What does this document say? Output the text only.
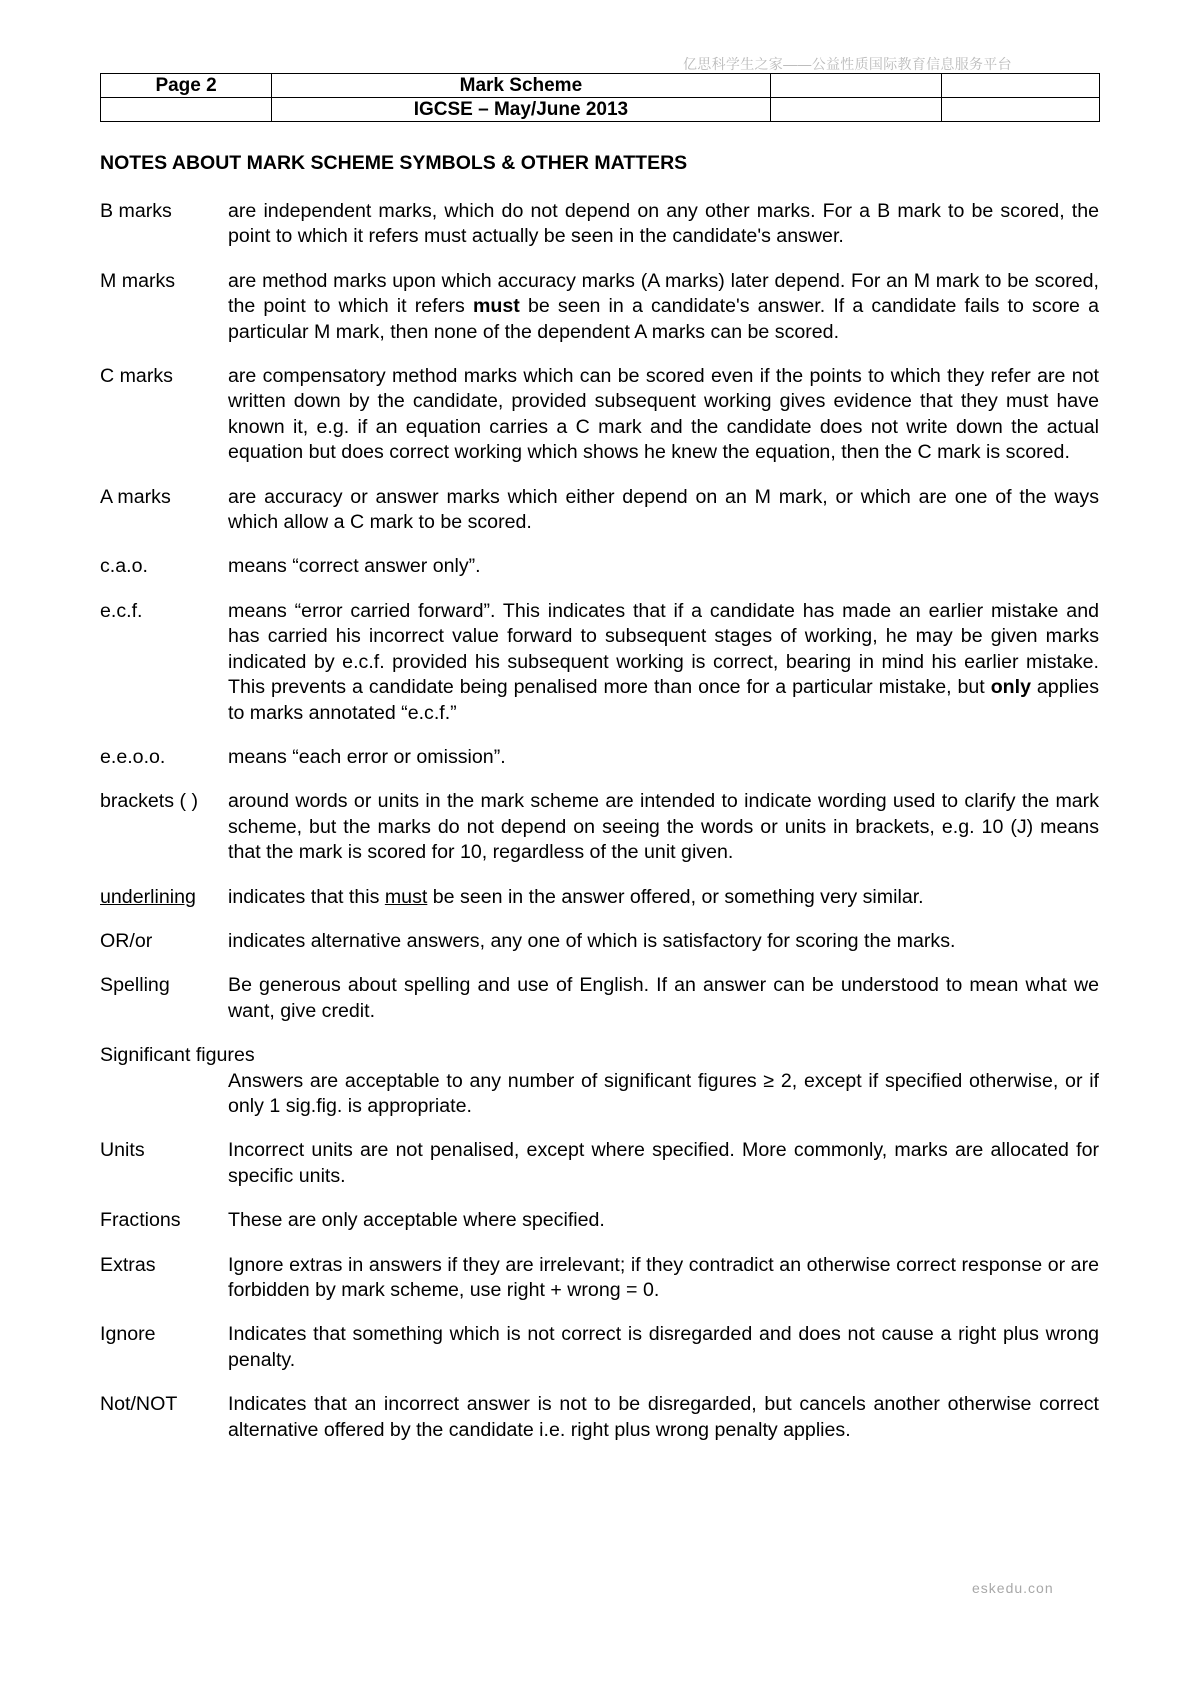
亿思科学生之家——公益性质国际教育信息服务平台
Page 2	Mark Scheme		
	IGCSE – May/June 2013		
NOTES ABOUT MARK SCHEME SYMBOLS & OTHER MATTERS
B marks	are independent marks, which do not depend on any other marks. For a B mark to be scored, the point to which it refers must actually be seen in the candidate's answer.
M marks	are method marks upon which accuracy marks (A marks) later depend. For an M mark to be scored, the point to which it refers must be seen in a candidate's answer. If a candidate fails to score a particular M mark, then none of the dependent A marks can be scored.
C marks	are compensatory method marks which can be scored even if the points to which they refer are not written down by the candidate, provided subsequent working gives evidence that they must have known it, e.g. if an equation carries a C mark and the candidate does not write down the actual equation but does correct working which shows he knew the equation, then the C mark is scored.
A marks	are accuracy or answer marks which either depend on an M mark, or which are one of the ways which allow a C mark to be scored.
c.a.o.	means “correct answer only”.
e.c.f.	means “error carried forward”. This indicates that if a candidate has made an earlier mistake and has carried his incorrect value forward to subsequent stages of working, he may be given marks indicated by e.c.f. provided his subsequent working is correct, bearing in mind his earlier mistake. This prevents a candidate being penalised more than once for a particular mistake, but only applies to marks annotated “e.c.f.”
e.e.o.o.	means “each error or omission”.
brackets ( ) around words or units in the mark scheme are intended to indicate wording used to clarify the mark scheme, but the marks do not depend on seeing the words or units in brackets, e.g. 10 (J) means that the mark is scored for 10, regardless of the unit given.
underlining indicates that this must be seen in the answer offered, or something very similar.
OR/or	indicates alternative answers, any one of which is satisfactory for scoring the marks.
Spelling	Be generous about spelling and use of English. If an answer can be understood to mean what we want, give credit.
Significant figures
Answers are acceptable to any number of significant figures ≥ 2, except if specified otherwise, or if only 1 sig.fig. is appropriate.
Units	Incorrect units are not penalised, except where specified. More commonly, marks are allocated for specific units.
Fractions These are only acceptable where specified.
Extras	Ignore extras in answers if they are irrelevant; if they contradict an otherwise correct response or are forbidden by mark scheme, use right + wrong = 0.
Ignore	Indicates that something which is not correct is disregarded and does not cause a right plus wrong penalty.
Not/NOT	Indicates that an incorrect answer is not to be disregarded, but cancels another otherwise correct alternative offered by the candidate i.e. right plus wrong penalty applies.
eskedu.con
